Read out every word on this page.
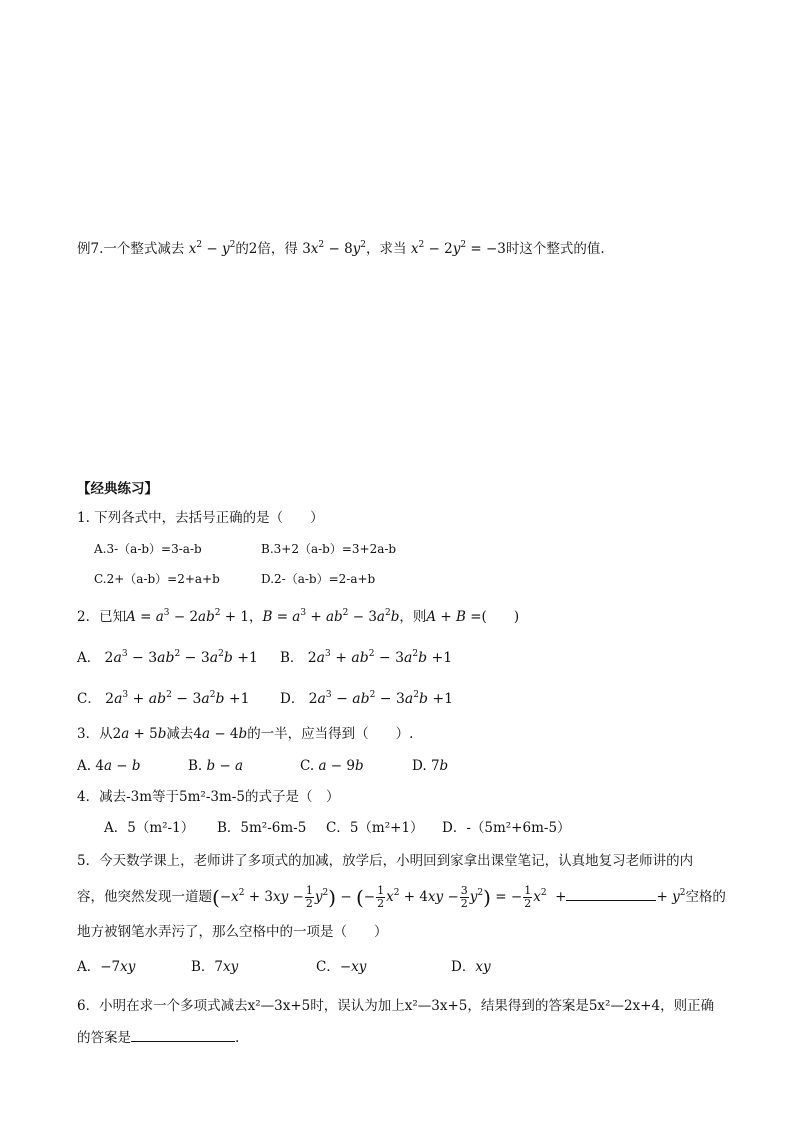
例7.一个整式减去 $x^2 - y^2$的2倍，得 $3x^2 - 8y^2$，求当 $x^2 - 2y^2 = -3$时这个整式的值.
【经典练习】
1. 下列各式中，去括号正确的是（　　）
A.3-（a-b）=3-a-b	B.3+2（a-b）=3+2a-b
C.2+（a-b）=2+a+b	D.2-（a-b）=2-a+b
2．已知$A = a^3 - 2ab^2 + 1$，$B = a^3 + ab^2 - 3a^2b$，则A + B =(　　)
A． $2a^3 - 3ab^2 - 3a^2b +1$ B． $2a^3 + ab^2 - 3a^2b +1$
C． $2a^3 + ab^2 - 3a^2b +1$ D． $2a^3 - ab^2 - 3a^2b +1$
3．从2a + 5b减去4a − 4b的一半，应当得到（　　）.
A. 4a − b	B. b − a	C. a − 9b	D. 7b
4．减去-3m等于5m²-3m-5的式子是（　）
A．5（m²-1） B．5m²-6m-5 C．5（m²+1） D．-（5m²+6m-5）
5．今天数学课上，老师讲了多项式的加减，放学后，小明回到家拿出课堂笔记，认真地复习老师讲的内
容，他突然发现一道题$(-x^2 + 3xy - \frac{1}{2} y^2)$ − (− $\frac{1}{2} x^2 + 4xy - \frac{3}{2} y^2$) = − $\frac{1}{2} x^2$  +	+ $y^2$空格的
地方被钢笔水弄污了，那么空格中的一项是（　　）
A．−7xy	B．7xy	C．−xy	D．xy
6．小明在求一个多项式减去x²—3x+5时，误认为加上x²—3x+5，结果得到的答案是5x²—2x+4，则正确
的答案是	.
